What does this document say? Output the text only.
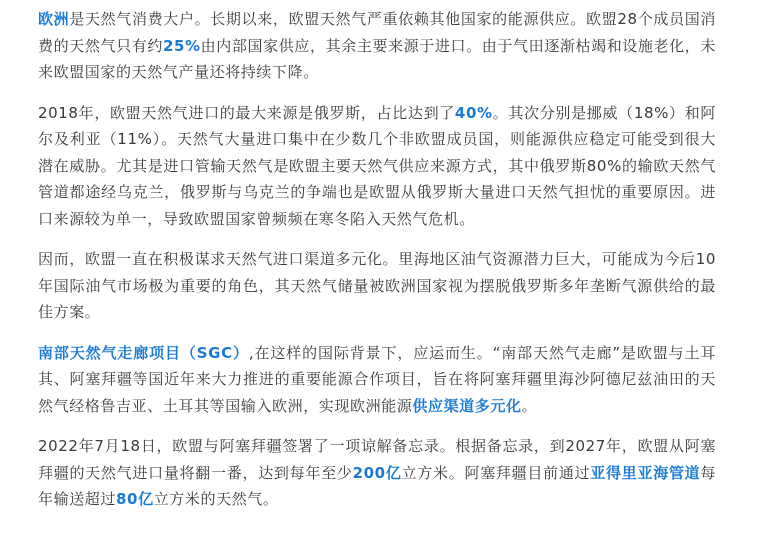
欧洲是天然气消费大户。长期以来，欧盟天然气严重依赖其他国家的能源供应。欧盟28个成员国消费的天然气只有约25%由内部国家供应，其余主要来源于进口。由于气田逐渐枯竭和设施老化，未来欧盟国家的天然气产量还将持续下降。

2018年，欧盟天然气进口的最大来源是俄罗斯，占比达到了40%。其次分别是挪威（18%）和阿尔及利亚（11%）。天然气大量进口集中在少数几个非欧盟成员国，则能源供应稳定可能受到很大潜在威胁。尤其是进口管输天然气是欧盟主要天然气供应来源方式，其中俄罗斯80%的输欧天然气管道都途经乌克兰，俄罗斯与乌克兰的争端也是欧盟从俄罗斯大量进口天然气担忧的重要原因。进口来源较为单一，导致欧盟国家曾频频在寒冬陷入天然气危机。

因而，欧盟一直在积极谋求天然气进口渠道多元化。里海地区油气资源潜力巨大，可能成为今后10年国际油气市场极为重要的角色，其天然气储量被欧洲国家视为摆脱俄罗斯多年垄断气源供给的最佳方案。

南部天然气走廊项目（SGC）,在这样的国际背景下，应运而生。“南部天然气走廊”是欧盟与土耳其、阿塞拜疆等国近年来大力推进的重要能源合作项目，旨在将阿塞拜疆里海沙阿德尼兹油田的天然气经格鲁吉亚、土耳其等国输入欧洲，实现欧洲能源供应渠道多元化。

2022年7月18日，欧盟与阿塞拜疆签署了一项谅解备忘录。根据备忘录，到2027年，欧盟从阿塞拜疆的天然气进口量将翻一番，达到每年至少200亿立方米。阿塞拜疆目前通过亚得里亚海管道每年输送超过80亿立方米的天然气。
